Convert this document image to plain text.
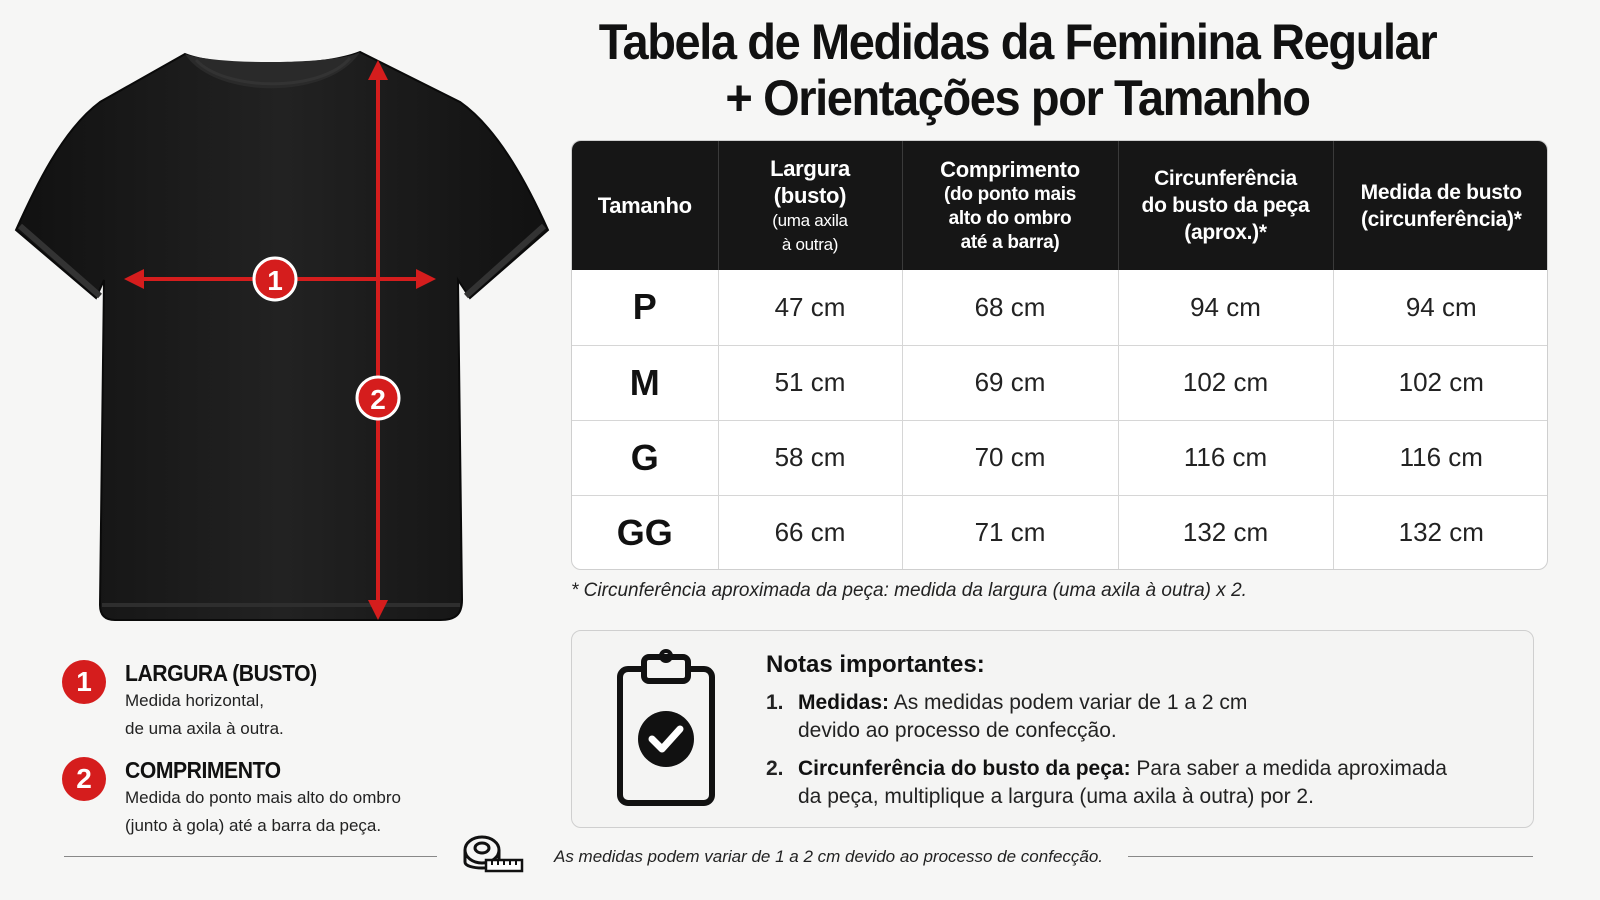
Tabela de Medidas da Feminina Regular
+ Orientações por Tamanho
1
2
1	LARGURA (BUSTO)
Medida horizontal,
de uma axila à outra.
2	COMPRIMENTO
Medida do ponto mais alto do ombro
(junto à gola) até a barra da peça.
Tamanho	Largura
(busto)
(uma axila
à outra)	Comprimento
(do ponto mais
alto do ombro
até a barra)	Circunferência
do busto da peça
(aprox.)*	Medida de busto
(circunferência)*

P	47 cm	68 cm	94 cm	94 cm
M	51 cm	69 cm	102 cm	102 cm
G	58 cm	70 cm	116 cm	116 cm
GG	66 cm	71 cm	132 cm	132 cm
* Circunferência aproximada da peça: medida da largura (uma axila à outra) x 2.
Notas importantes:
1. Medidas: As medidas podem variar de 1 a 2 cm
devido ao processo de confecção.
2. Circunferência do busto da peça: Para saber a medida aproximada
da peça, multiplique a largura (uma axila à outra) por 2.
As medidas podem variar de 1 a 2 cm devido ao processo de confecção.
